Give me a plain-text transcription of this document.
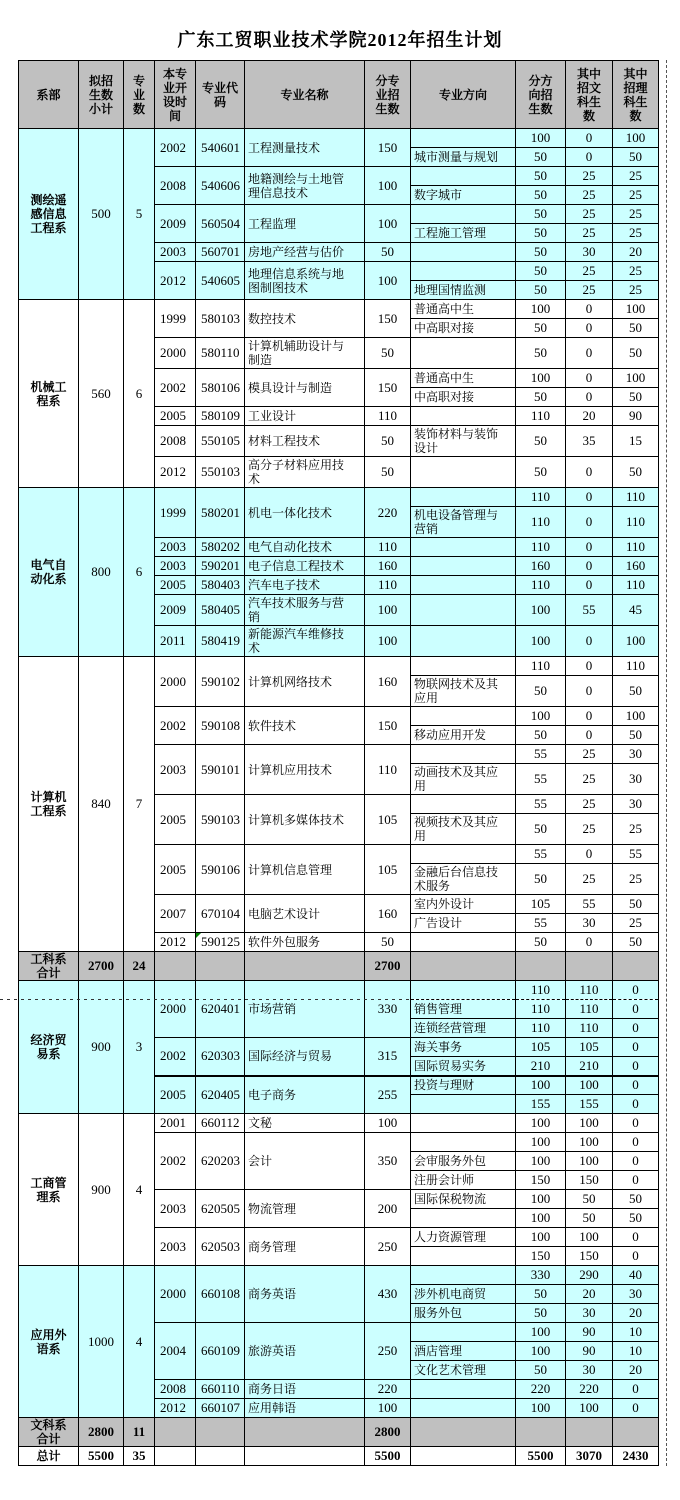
广东工贸职业技术学院2012年招生计划
系部	拟招生数小计	专业数	本专业开设时间	专业代码	专业名称	分专业招生数	专业方向	分方向招生数	其中招文科生数	其中招理科生数
测绘遥感信息工程系	500	5	2002	540601	工程测量技术	150		100	0	100
							城市测量与规划	50	0	50
			2008	540606	地籍测绘与土地管理信息技术	100		50	25	25
							数字城市	50	25	25
			2009	560504	工程监理	100		50	25	25
							工程施工管理	50	25	25
			2003	560701	房地产经营与估价	50		50	30	20
			2012	540605	地理信息系统与地图制图技术	100		50	25	25
							地理国情监测	50	25	25
机械工程系	560	6	1999	580103	数控技术	150	普通高中生	100	0	100
							中高职对接	50	0	50
			2000	580110	计算机辅助设计与制造	50		50	0	50
			2002	580106	模具设计与制造	150	普通高中生	100	0	100
							中高职对接	50	0	50
			2005	580109	工业设计	110		110	20	90
			2008	550105	材料工程技术	50	装饰材料与装饰设计	50	35	15
			2012	550103	高分子材料应用技术	50		50	0	50
电气自动化系	800	6	1999	580201	机电一体化技术	220		110	0	110
							机电设备管理与营销	110	0	110
			2003	580202	电气自动化技术	110		110	0	110
			2003	590201	电子信息工程技术	160		160	0	160
			2005	580403	汽车电子技术	110		110	0	110
			2009	580405	汽车技术服务与营销	100		100	55	45
			2011	580419	新能源汽车维修技术	100		100	0	100
计算机工程系	840	7	2000	590102	计算机网络技术	160		110	0	110
							物联网技术及其应用	50	0	50
			2002	590108	软件技术	150		100	0	100
							移动应用开发	50	0	50
			2003	590101	计算机应用技术	110		55	25	30
							动画技术及其应用	55	25	30
			2005	590103	计算机多媒体技术	105		55	25	30
							视频技术及其应用	50	25	25
			2005	590106	计算机信息管理	105		55	0	55
							金融后台信息技术服务	50	25	25
			2007	670104	电脑艺术设计	160	室内外设计	105	55	50
							广告设计	55	30	25
			2012	590125	软件外包服务	50		50	0	50
工科系合计	2700	24				2700				
经济贸易系	900	3	2000	620401	市场营销	330		110	110	0
							销售管理	110	110	0
							连锁经营管理	110	110	0
			2002	620303	国际经济与贸易	315	海关事务	105	105	0
							国际贸易实务	210	210	0
			2005	620405	电子商务	255	投资与理财	100	100	0
								155	155	0
工商管理系	900	4	2001	660112	文秘	100		100	100	0
			2002	620203	会计	350		100	100	0
							会审服务外包	100	100	0
							注册会计师	150	150	0
			2003	620505	物流管理	200	国际保税物流	100	50	50
								100	50	50
			2003	620503	商务管理	250	人力资源管理	100	100	0
								150	150	0
应用外语系	1000	4	2000	660108	商务英语	430		330	290	40
							涉外机电商贸	50	20	30
							服务外包	50	30	20
			2004	660109	旅游英语	250		100	90	10
							酒店管理	100	90	10
							文化艺术管理	50	30	20
			2008	660110	商务日语	220		220	220	0
			2012	660107	应用韩语	100		100	100	0
文科系合计	2800	11				2800				
总计	5500	35				5500		5500	3070	2430
